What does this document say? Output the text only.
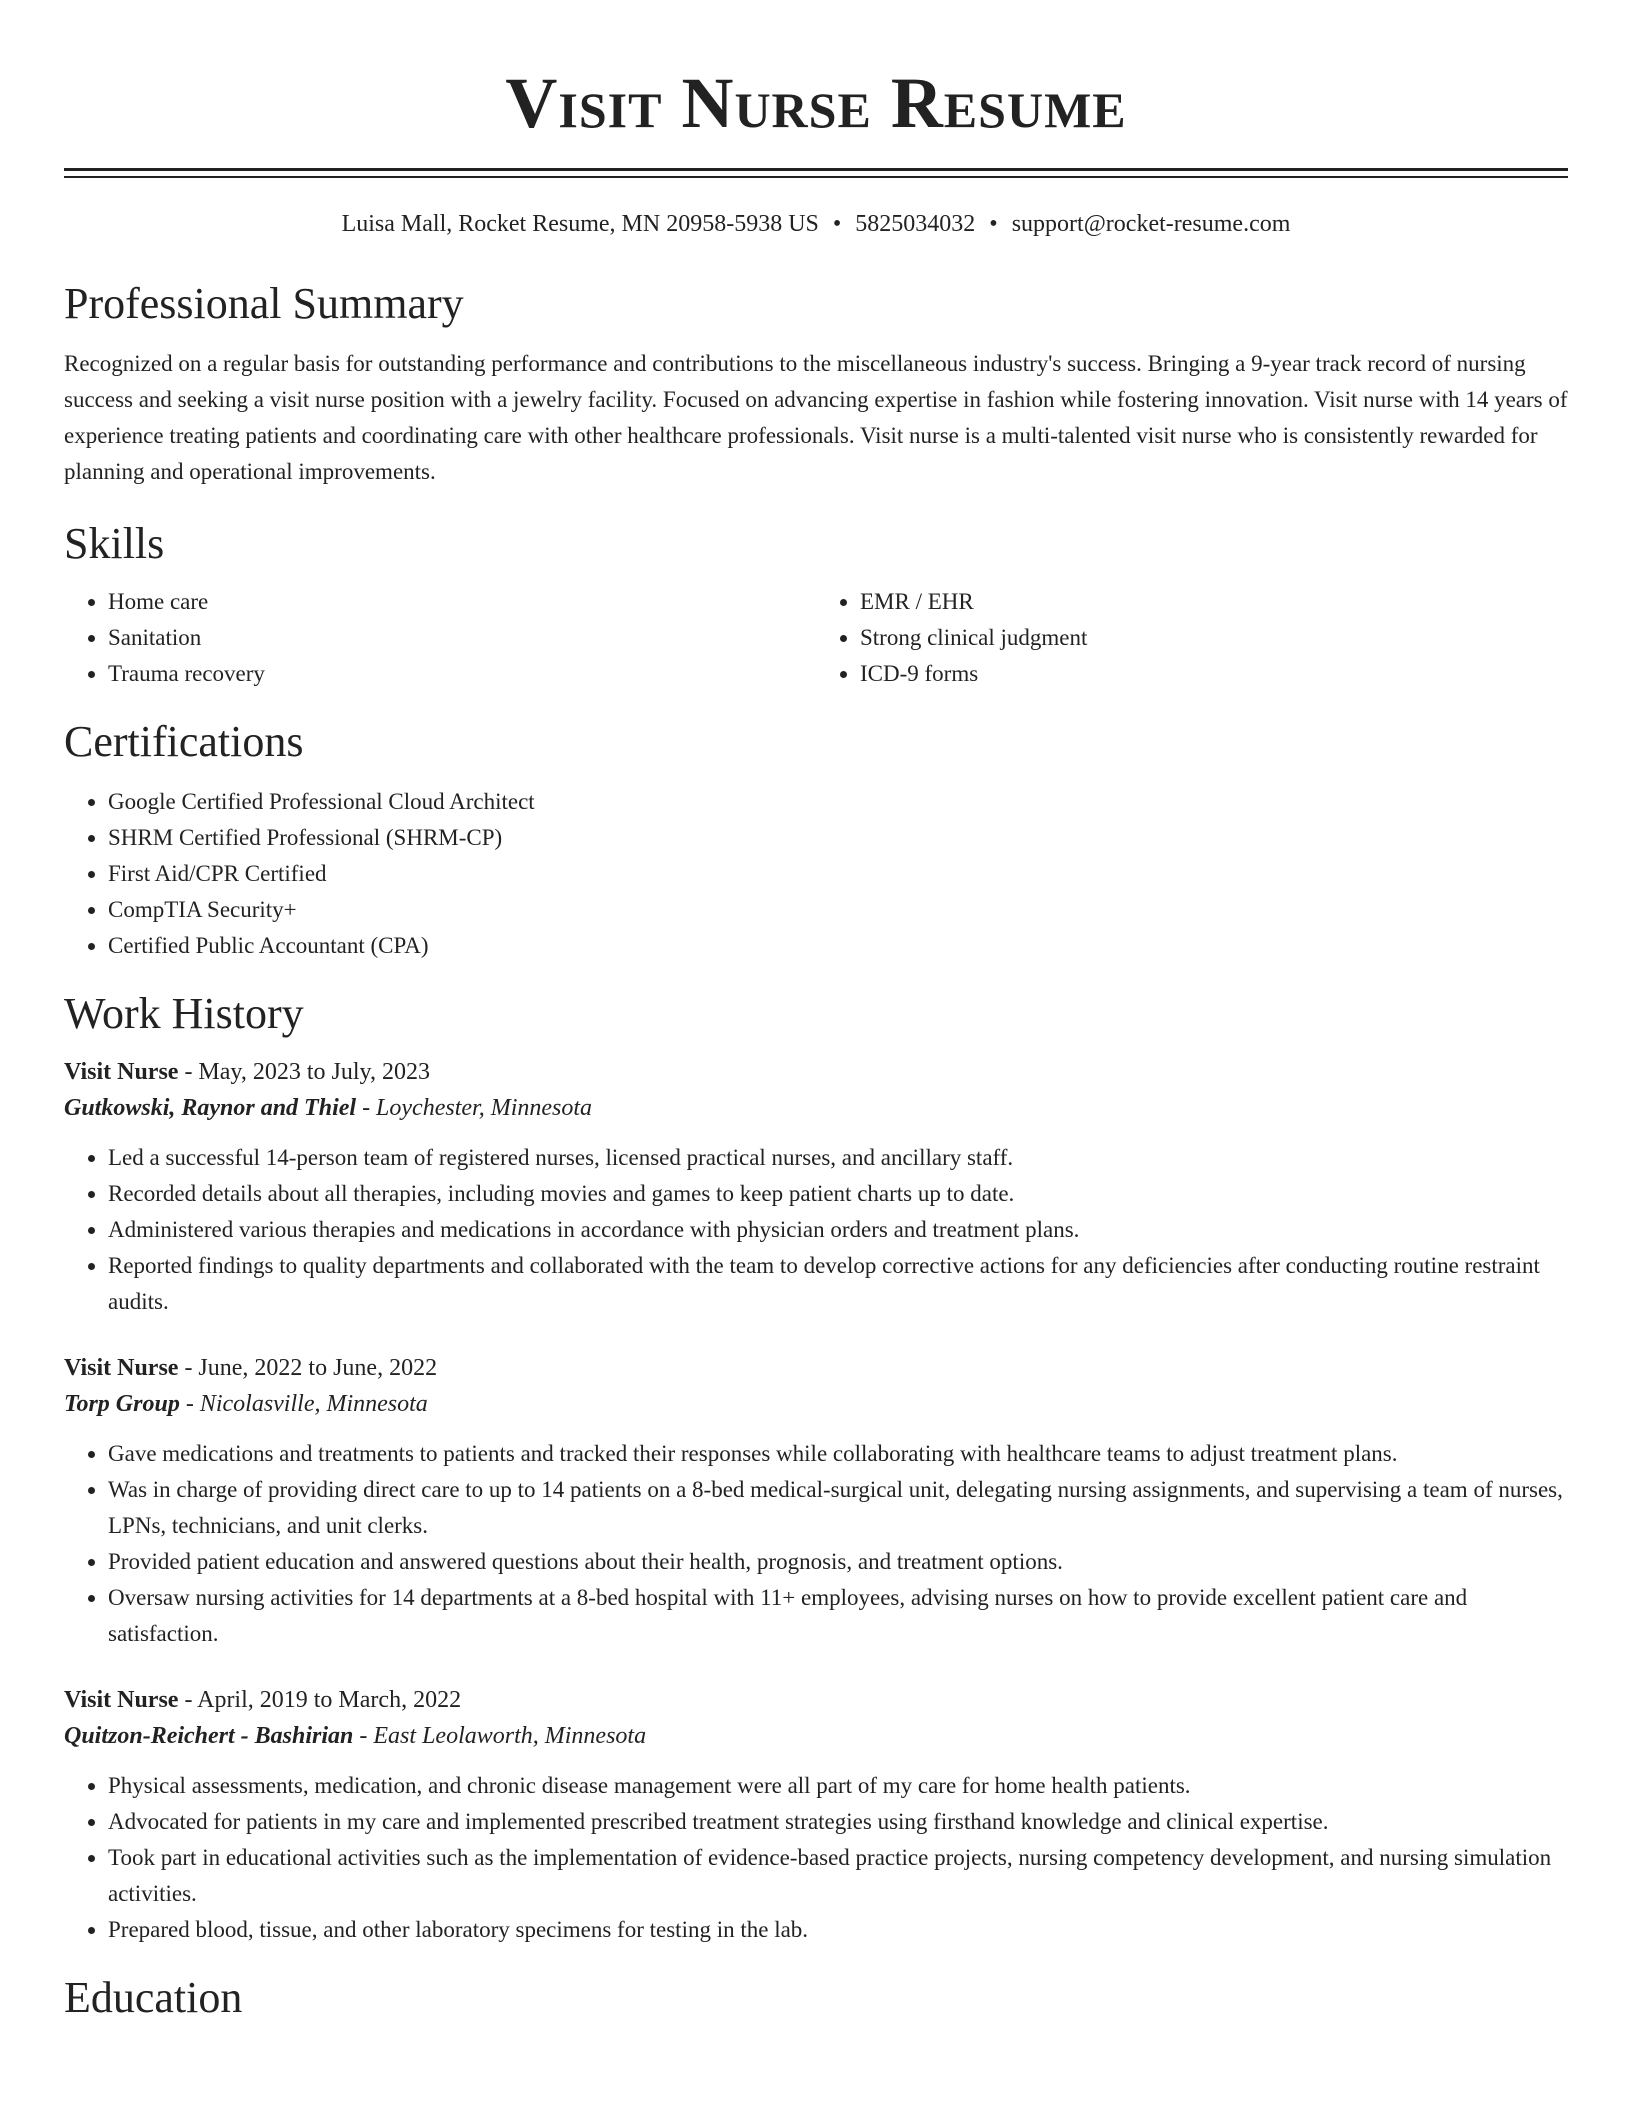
Visit Nurse Resume
Luisa Mall, Rocket Resume, MN 20958-5938 US • 5825034032 • support@rocket-resume.com
Professional Summary
Recognized on a regular basis for outstanding performance and contributions to the miscellaneous industry's success. Bringing a 9-year track record of nursing success and seeking a visit nurse position with a jewelry facility. Focused on advancing expertise in fashion while fostering innovation. Visit nurse with 14 years of experience treating patients and coordinating care with other healthcare professionals. Visit nurse is a multi-talented visit nurse who is consistently rewarded for planning and operational improvements.
Skills
• Home care
• Sanitation
• Trauma recovery
• EMR / EHR
• Strong clinical judgment
• ICD-9 forms
Certifications
• Google Certified Professional Cloud Architect
• SHRM Certified Professional (SHRM-CP)
• First Aid/CPR Certified
• CompTIA Security+
• Certified Public Accountant (CPA)
Work History
Visit Nurse - May, 2023 to July, 2023
Gutkowski, Raynor and Thiel - Loychester, Minnesota
• Led a successful 14-person team of registered nurses, licensed practical nurses, and ancillary staff.
• Recorded details about all therapies, including movies and games to keep patient charts up to date.
• Administered various therapies and medications in accordance with physician orders and treatment plans.
• Reported findings to quality departments and collaborated with the team to develop corrective actions for any deficiencies after conducting routine restraint audits.
Visit Nurse - June, 2022 to June, 2022
Torp Group - Nicolasville, Minnesota
• Gave medications and treatments to patients and tracked their responses while collaborating with healthcare teams to adjust treatment plans.
• Was in charge of providing direct care to up to 14 patients on a 8-bed medical-surgical unit, delegating nursing assignments, and supervising a team of nurses, LPNs, technicians, and unit clerks.
• Provided patient education and answered questions about their health, prognosis, and treatment options.
• Oversaw nursing activities for 14 departments at a 8-bed hospital with 11+ employees, advising nurses on how to provide excellent patient care and satisfaction.
Visit Nurse - April, 2019 to March, 2022
Quitzon-Reichert - Bashirian - East Leolaworth, Minnesota
• Physical assessments, medication, and chronic disease management were all part of my care for home health patients.
• Advocated for patients in my care and implemented prescribed treatment strategies using firsthand knowledge and clinical expertise.
• Took part in educational activities such as the implementation of evidence-based practice projects, nursing competency development, and nursing simulation activities.
• Prepared blood, tissue, and other laboratory specimens for testing in the lab.
Education
